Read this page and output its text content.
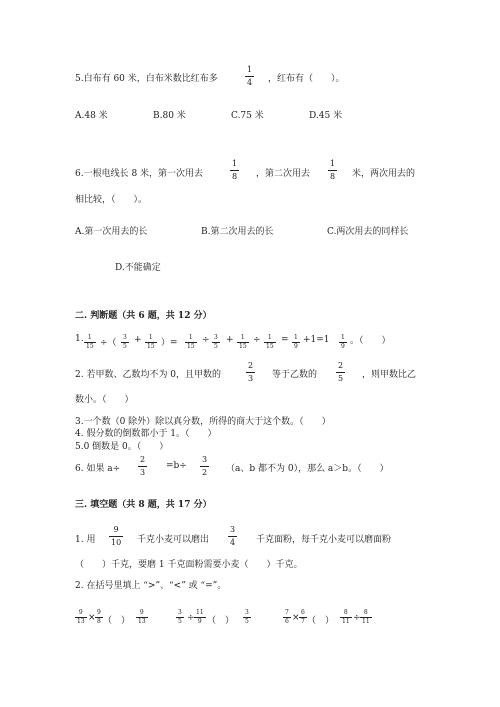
5.白布有 60 米，白布米数比红布多
1
4 ，红布有（　　）。
A.48 米	B.80 米	C.75 米	D.45 米
6.一根电线长 8 米，第一次用去
1
8 ，第二次用去
1
8 米，两次用去的
相比较，（　　）。
A.第一次用去的长	B.第二次用去的长	C.两次用去的同样长
D.不能确定
二. 判断题（共 6 题，共 12 分）
1. 1
15 ÷（
3
5
+	1
15 ）=
1
15
÷ 3
5
+	1
15
÷	1
15
= 1
9
+1=1	1
9
。（　　）
2. 若甲数、乙数均不为 0，且甲数的
2
3 等于乙数的
2
5 ，则甲数比乙
数小。（　　）
3.一个数（0 除外）除以真分数，所得的商大于这个数。（　　）
4. 假分数的倒数都小于 1。（　　）
5.0 倒数是 0。（　　）
6. 如果 a÷
2
3
=b÷
3
2 （a、b 都不为 0），那么 a＞b。（　　）
三. 填空题（共 8 题，共 17 分）
1. 用
9
10 千克小麦可以磨出
3
4 千克面粉，每千克小麦可以磨面粉
（　　）千克，要磨 1 千克面粉需要小麦（　　）千克。
2. 在括号里填上 “>”、“<” 或 “=”。
9
13 ×
9
8 （　）
9
13
3
5 ÷
11
9 （　）
3
5
7
6 ×
6
7 （　）
8
11 ÷
8
11
